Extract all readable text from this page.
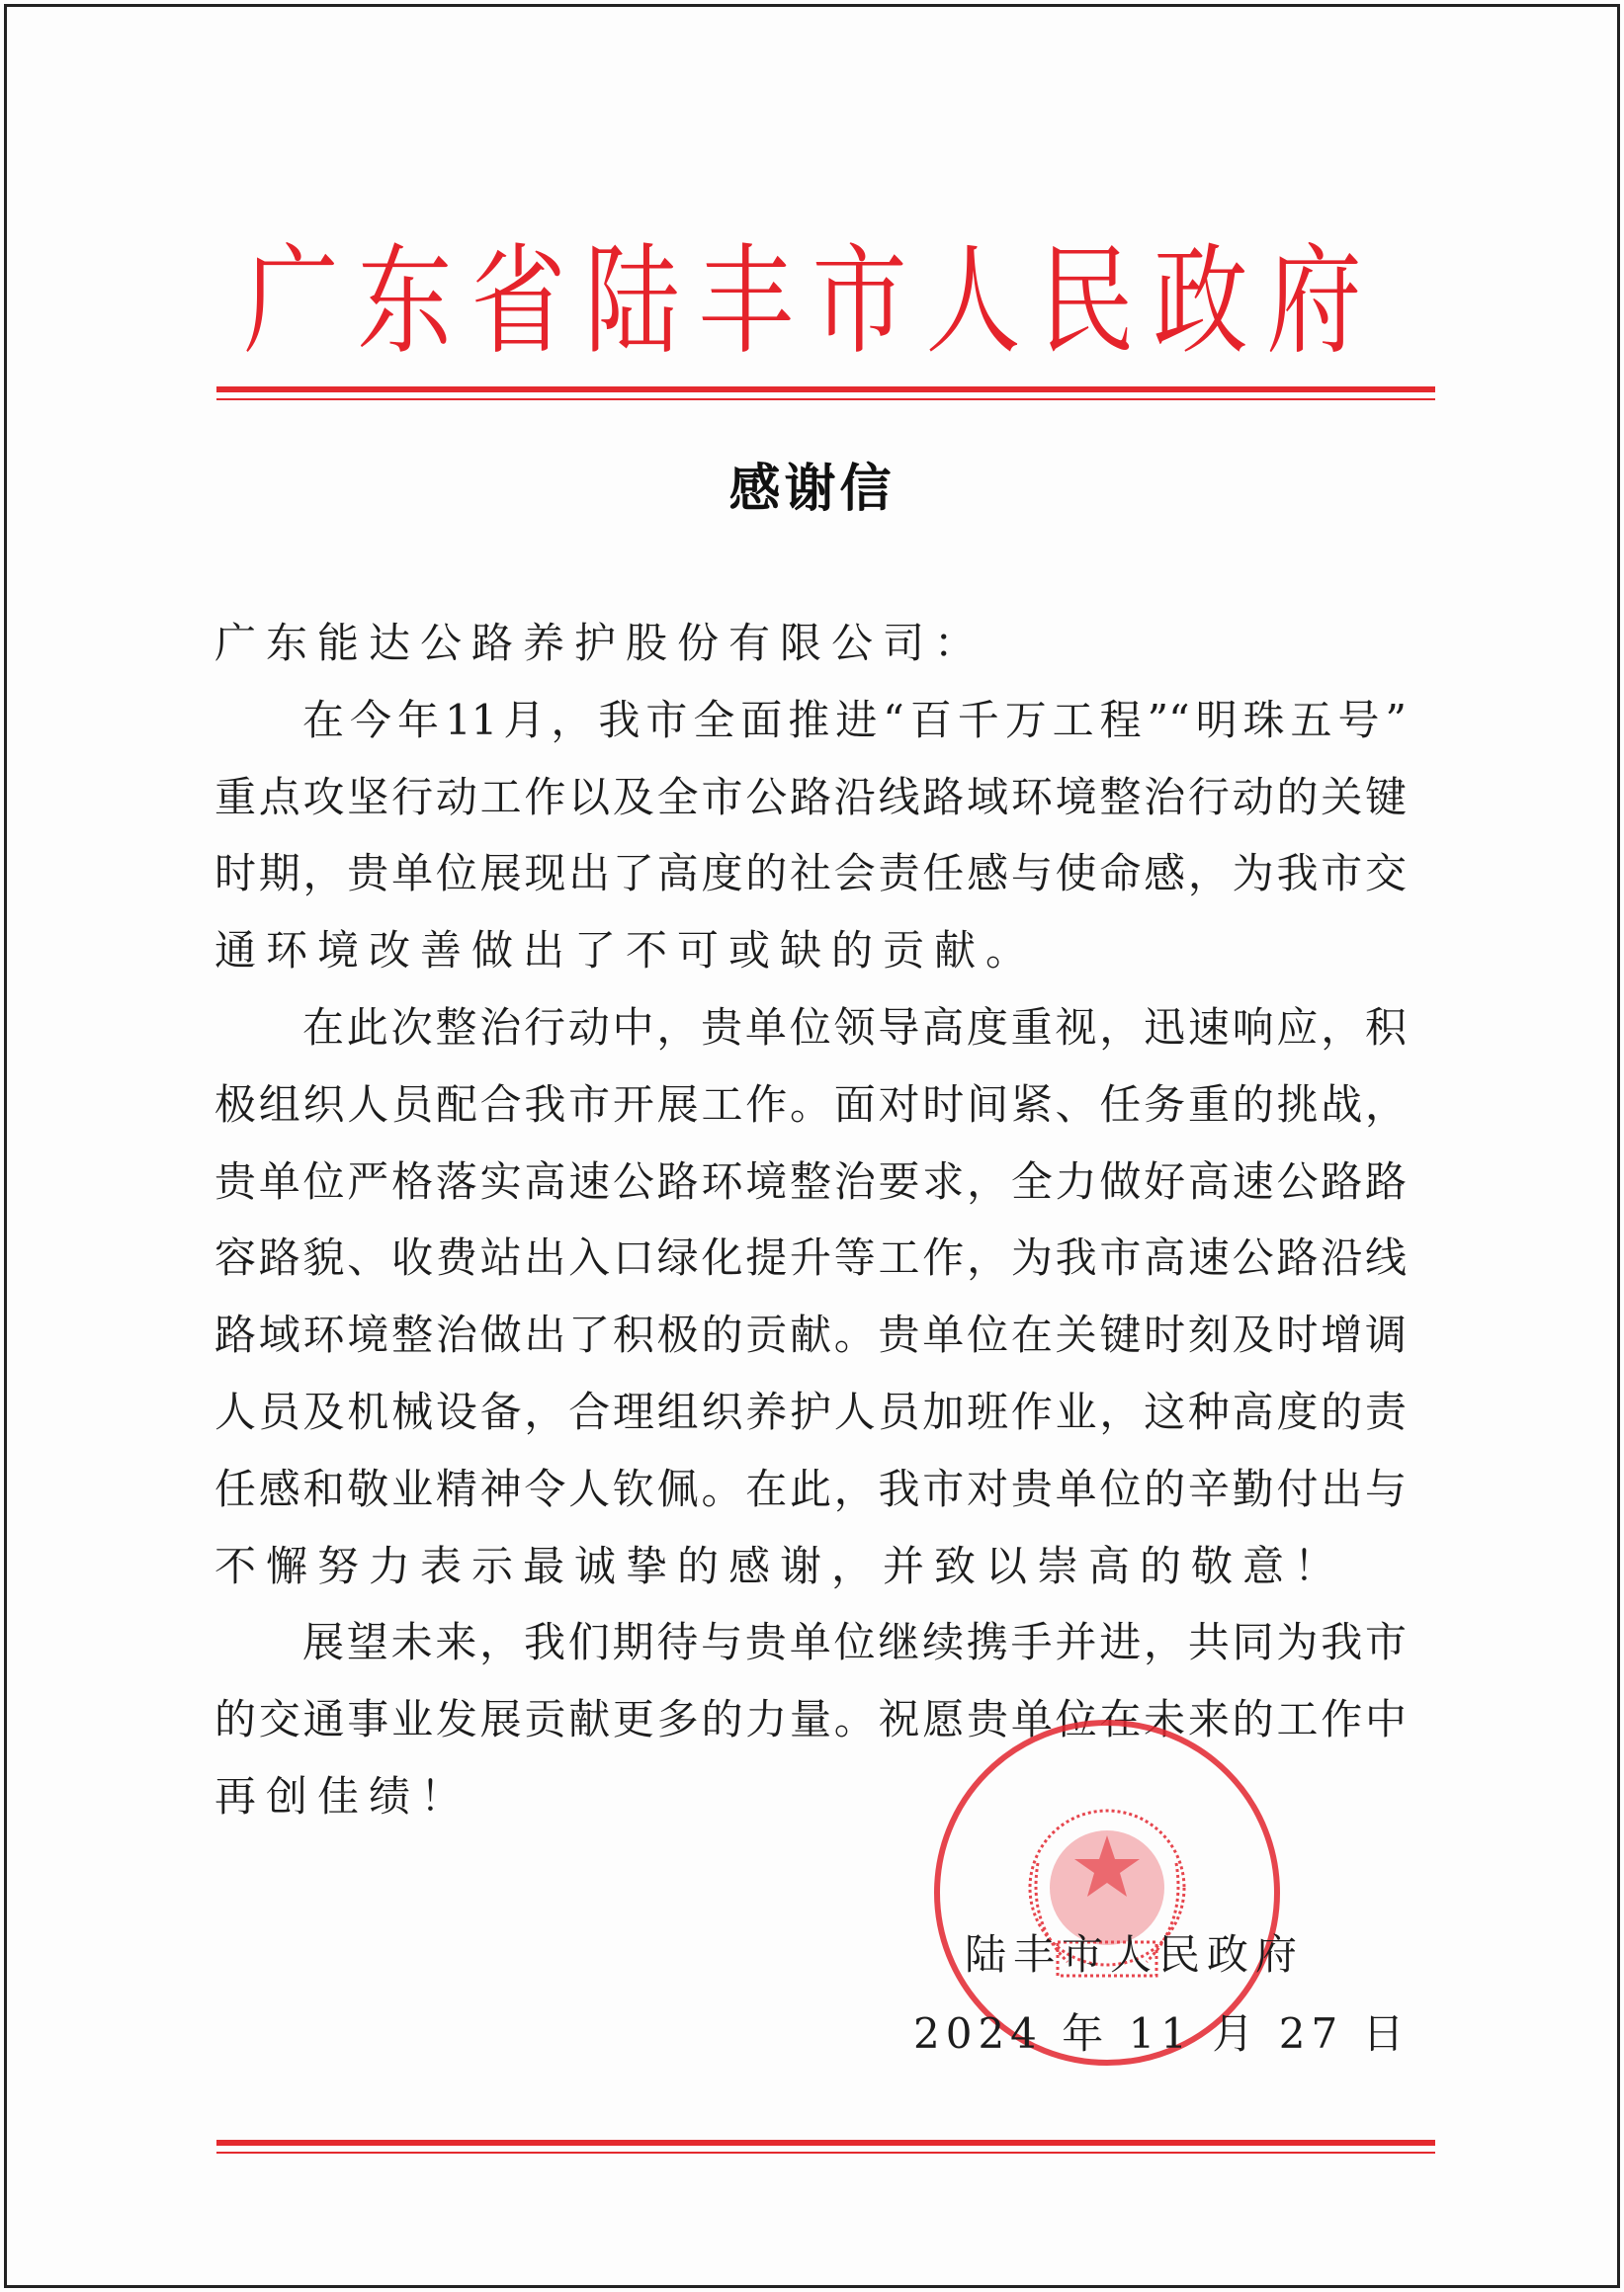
广东省陆丰市人民政府
感谢信
广东能达公路养护股份有限公司：
在今年11月，我市全面推进“百千万工程”“明珠五号”
重点攻坚行动工作以及全市公路沿线路域环境整治行动的关键
时期，贵单位展现出了高度的社会责任感与使命感，为我市交
通环境改善做出了不可或缺的贡献。
在此次整治行动中，贵单位领导高度重视，迅速响应，积
极组织人员配合我市开展工作。面对时间紧、任务重的挑战，
贵单位严格落实高速公路环境整治要求，全力做好高速公路路
容路貌、收费站出入口绿化提升等工作，为我市高速公路沿线
路域环境整治做出了积极的贡献。贵单位在关键时刻及时增调
人员及机械设备，合理组织养护人员加班作业，这种高度的责
任感和敬业精神令人钦佩。在此，我市对贵单位的辛勤付出与
不懈努力表示最诚挚的感谢，并致以崇高的敬意！
展望未来，我们期待与贵单位继续携手并进，共同为我市
的交通事业发展贡献更多的力量。祝愿贵单位在未来的工作中
再创佳绩！
陆丰市人民政府
2024 年 11 月 27 日
